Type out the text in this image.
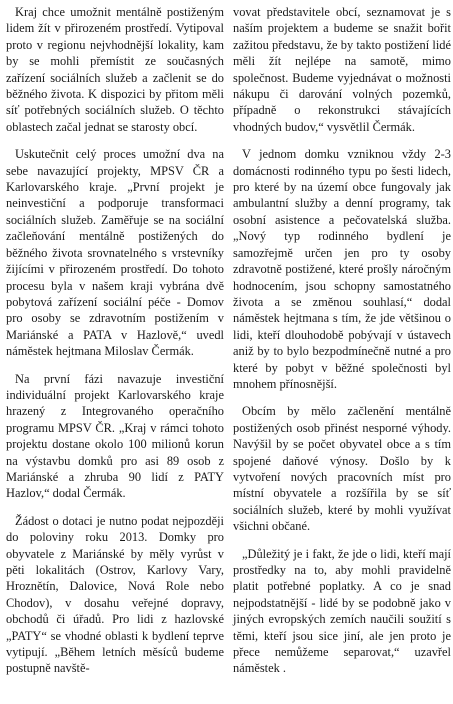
Kraj chce umožnit mentálně postiženým lidem žít v přirozeném prostředí. Vytipoval proto v regionu nejvhodnější lokality, kam by se mohli přemístit ze současných zařízení sociálních služeb a začlenit se do běžného života. K dispozici by přitom měli síť potřebných sociálních služeb. O těchto oblastech začal jednat se starosty obcí.

Uskutečnit celý proces umožní dva na sebe navazující projekty, MPSV ČR a Karlovarského kraje. „První projekt je neinvestiční a podporuje transformaci sociálních služeb. Zaměřuje se na sociální začleňování mentálně postižených do běžného života srovnatelného s vrstevníky žijícími v přirozeném prostředí. Do tohoto procesu byla v našem kraji vybrána dvě pobytová zařízení sociální péče - Domov pro osoby se zdravotním postižením v Mariánské a PATA v Hazlově,“ uvedl náměstek hejtmana Miloslav Čermák.

Na první fázi navazuje investiční individuální projekt Karlovarského kraje hrazený z Integrovaného operačního programu MPSV ČR. „Kraj v rámci tohoto projektu dostane okolo 100 milionů korun na výstavbu domků pro asi 89 osob z Mariánské a zhruba 90 lidí z PATY Hazlov,“ dodal Čermák.

Žádost o dotaci je nutno podat nejpozději do poloviny roku 2013. Domky pro obyvatele z Mariánské by měly vyrůst v pěti lokalitách (Ostrov, Karlovy Vary, Hroznětín, Dalovice, Nová Role nebo Chodov), v dosahu veřejné dopravy, obchodů či úřadů. Pro lidi z hazlovské „PATY“ se vhodné oblasti k bydlení teprve vytipují. „Během letních měsíců budeme postupně navště-

vovat představitele obcí, seznamovat je s naším projektem a budeme se snažit bořit zažitou představu, že by takto postižení lidé měli žít nejlépe na samotě, mimo společnost. Budeme vyjednávat o možnosti nákupu či darování volných pozemků, případně o rekonstrukci stávajících vhodných budov,“ vysvětlil Čermák.

V jednom domku vzniknou vždy 2-3 domácnosti rodinného typu po šesti lidech, pro které by na území obce fungovaly jak ambulantní služby a denní programy, tak osobní asistence a pečovatelská služba. „Nový typ rodinného bydlení je samozřejmě určen jen pro ty osoby zdravotně postižené, které prošly náročným hodnocením, jsou schopny samostatného života a se změnou souhlasí,“ dodal náměstek hejtmana s tím, že jde většinou o lidi, kteří dlouhodobě pobývají v ústavech aniž by to bylo bezpodmínečně nutné a pro které by pobyt v běžné společnosti byl mnohem přínosnější.

Obcím by mělo začlenění mentálně postižených osob přinést nesporné výhody. Navýšil by se počet obyvatel obce a s tím spojené daňové výnosy. Došlo by k vytvoření nových pracovních míst pro místní obyvatele a rozšířila by se síť sociálních služeb, které by mohli využívat všichni občané.

„Důležitý je i fakt, že jde o lidi, kteří mají prostředky na to, aby mohli pravidelně platit potřebné poplatky. A co je snad nejpodstatnější - lidé by se podobně jako v jiných evropských zemích naučili soužití s těmi, kteří jsou sice jiní, ale jen proto je přece nemůžeme separovat,“ uzavřel náměstek .
